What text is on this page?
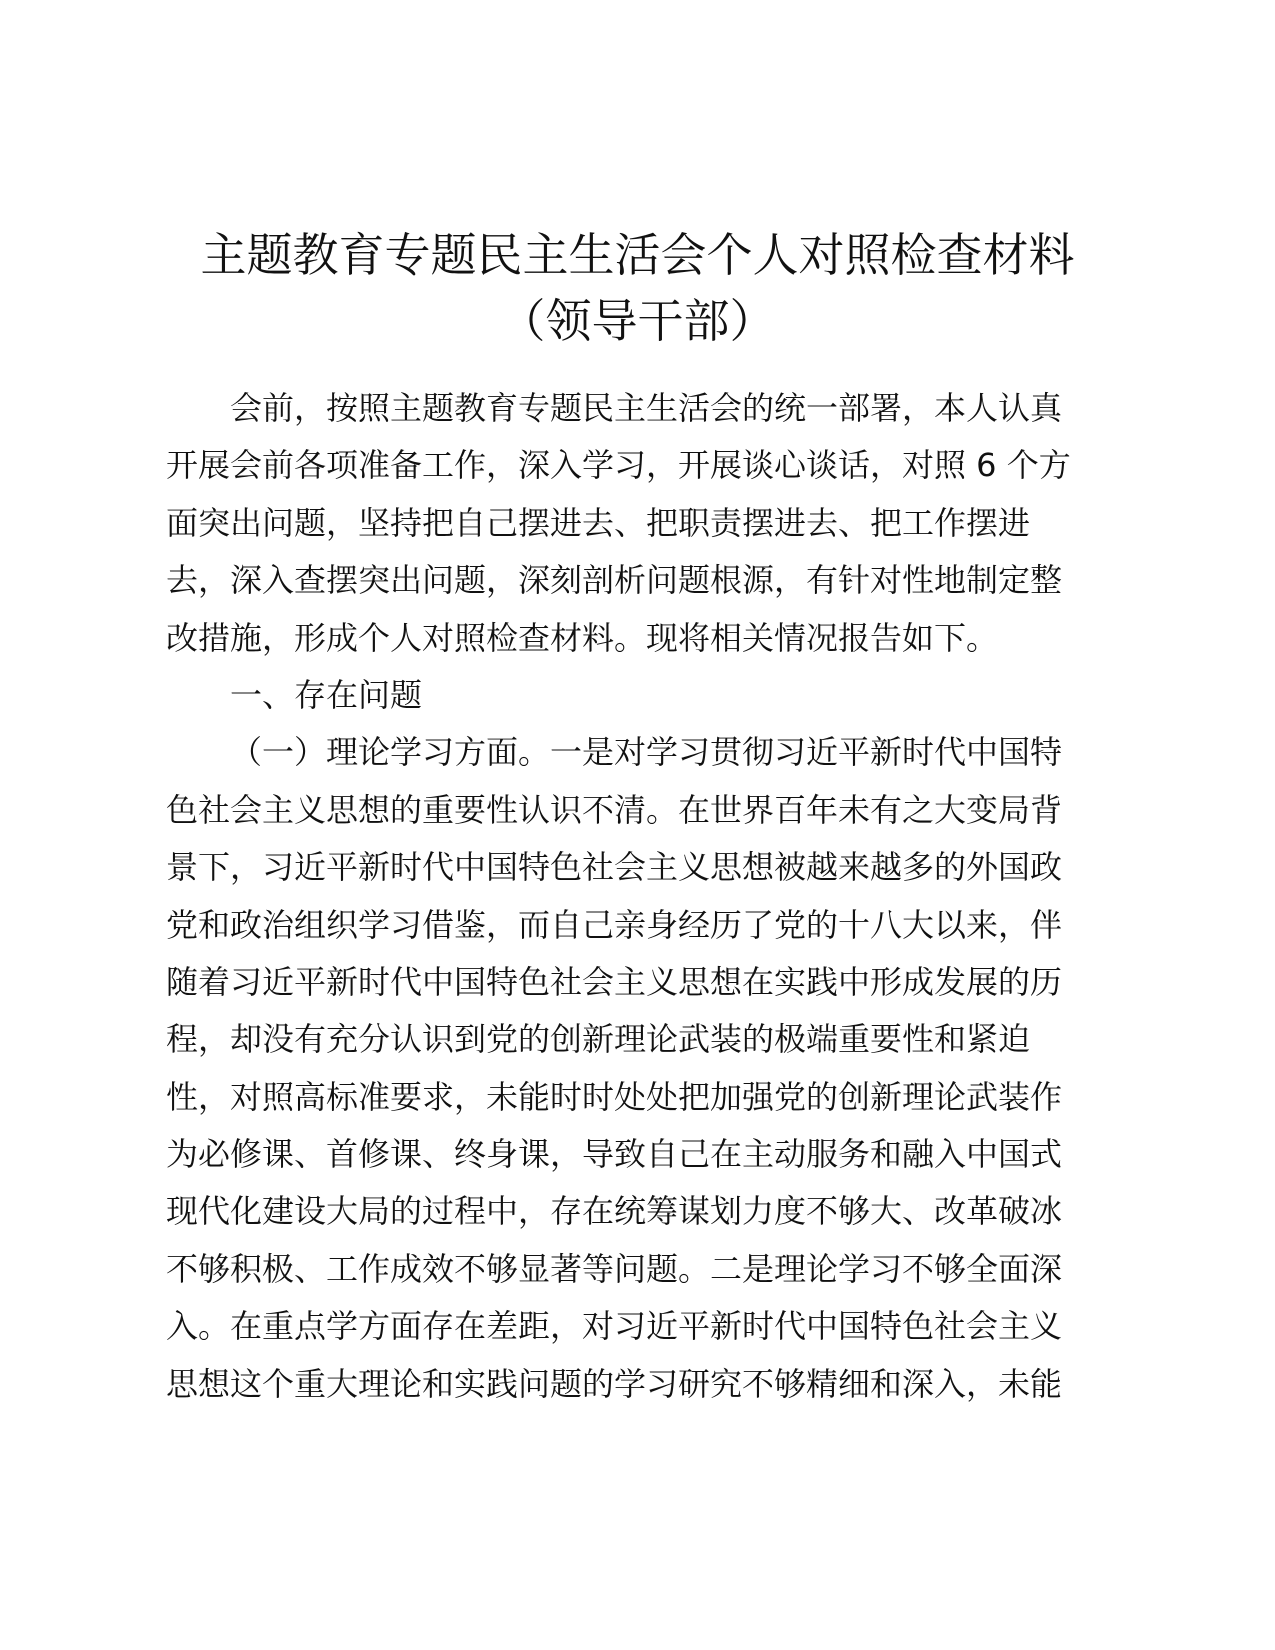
主题教育专题民主生活会个人对照检查材料
（领导干部）
会前，按照主题教育专题民主生活会的统一部署，本人认真
开展会前各项准备工作，深入学习，开展谈心谈话，对照 6 个方
面突出问题，坚持把自己摆进去、把职责摆进去、把工作摆进
去，深入查摆突出问题，深刻剖析问题根源，有针对性地制定整
改措施，形成个人对照检查材料。现将相关情况报告如下。
一、存在问题
（一）理论学习方面。一是对学习贯彻习近平新时代中国特
色社会主义思想的重要性认识不清。在世界百年未有之大变局背
景下，习近平新时代中国特色社会主义思想被越来越多的外国政
党和政治组织学习借鉴，而自己亲身经历了党的十八大以来，伴
随着习近平新时代中国特色社会主义思想在实践中形成发展的历
程，却没有充分认识到党的创新理论武装的极端重要性和紧迫
性，对照高标准要求，未能时时处处把加强党的创新理论武装作
为必修课、首修课、终身课，导致自己在主动服务和融入中国式
现代化建设大局的过程中，存在统筹谋划力度不够大、改革破冰
不够积极、工作成效不够显著等问题。二是理论学习不够全面深
入。在重点学方面存在差距，对习近平新时代中国特色社会主义
思想这个重大理论和实践问题的学习研究不够精细和深入，未能
